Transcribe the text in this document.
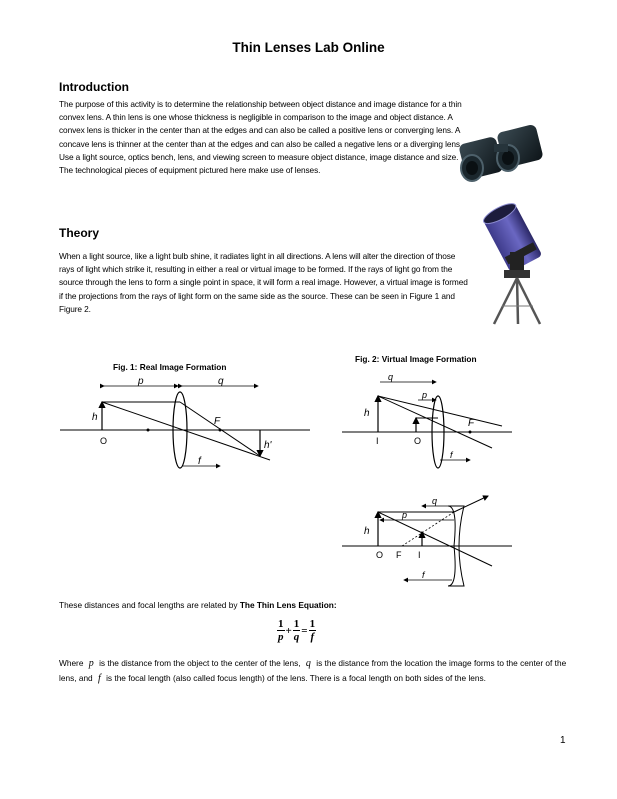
Thin Lenses Lab Online
Introduction
The purpose of this activity is to determine the relationship between object distance and image distance for a thin convex lens. A thin lens is one whose thickness is negligible in comparison to the image and object distance. A convex lens is thicker in the center than at the edges and can also be called a positive lens or converging lens. A concave lens is thinner at the center than at the edges and can also be called a negative lens or a diverging lens. Use a light source, optics bench, lens, and viewing screen to measure object distance, image distance and size. The technological pieces of equipment pictured here make use of lenses.
Theory
When a light source, like a light bulb shine, it radiates light in all directions. A lens will alter the direction of those rays of light which strike it, resulting in either a real or virtual image to be formed. If the rays of light go from the source through the lens to form a single point in space, it will form a real image. However, a virtual image is formed if the projections from the rays of light form on the same side as the source. These can be seen in Figure 1 and Figure 2.
Fig. 1: Real Image Formation
Fig. 2: Virtual Image Formation
p	q
h
h'
O
F
f
q
p
h
I	O
F
f
h
O F I
p
q
f
These distances and focal lengths are related by The Thin Lens Equation:
$\frac{1}{p} + \frac{1}{q} = \frac{1}{f}$
Where p is the distance from the object to the center of the lens, q is the distance from the location the image forms to the center of the lens, and f is the focal length (also called focus length) of the lens. There is a focal length on both sides of the lens.
1
